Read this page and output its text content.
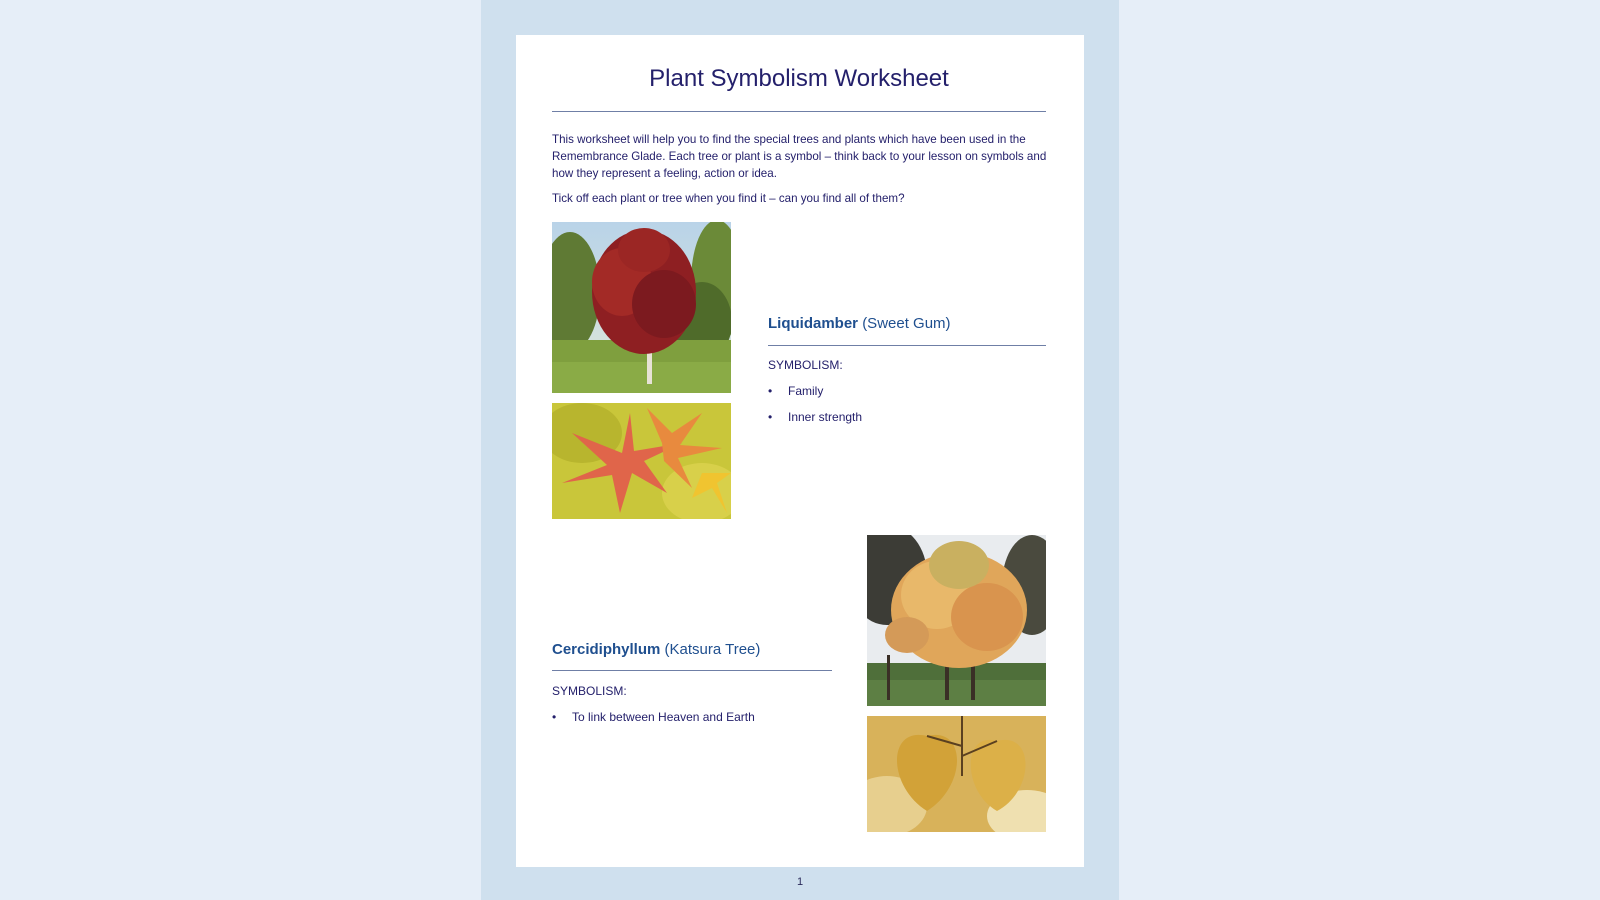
Plant Symbolism Worksheet

This worksheet will help you to find the special trees and plants which have been used in the Remembrance Glade. Each tree or plant is a symbol – think back to your lesson on symbols and how they represent a feeling, action or idea.

Tick off each plant or tree when you find it – can you find all of them?

Liquidamber (Sweet Gum)
SYMBOLISM:
• Family
• Inner strength
Cercidiphyllum (Katsura Tree)
SYMBOLISM:
• To link between Heaven and Earth
1
